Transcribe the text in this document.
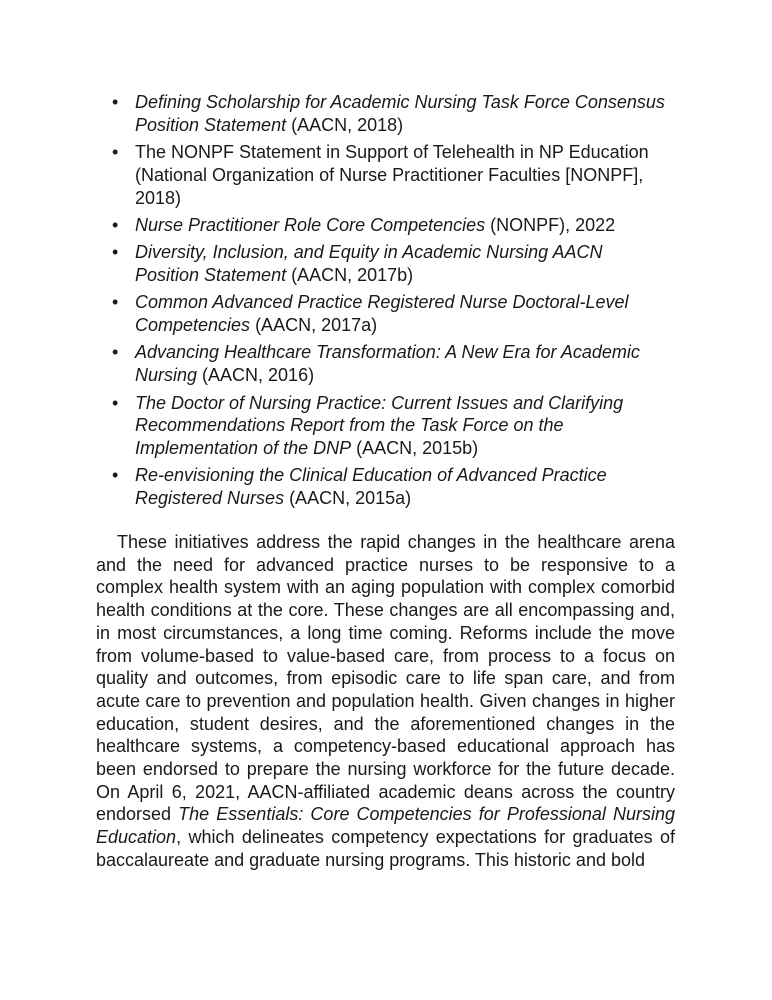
• Defining Scholarship for Academic Nursing Task Force Consensus Position Statement (AACN, 2018)
• The NONPF Statement in Support of Telehealth in NP Education (National Organization of Nurse Practitioner Faculties [NONPF], 2018)
• Nurse Practitioner Role Core Competencies (NONPF), 2022
• Diversity, Inclusion, and Equity in Academic Nursing AACN Position Statement (AACN, 2017b)
• Common Advanced Practice Registered Nurse Doctoral-Level Competencies (AACN, 2017a)
• Advancing Healthcare Transformation: A New Era for Academic Nursing (AACN, 2016)
• The Doctor of Nursing Practice: Current Issues and Clarifying Recommendations Report from the Task Force on the Implementation of the DNP (AACN, 2015b)
• Re-envisioning the Clinical Education of Advanced Practice Registered Nurses (AACN, 2015a)

These initiatives address the rapid changes in the healthcare arena and the need for advanced practice nurses to be responsive to a complex health system with an aging population with complex comorbid health conditions at the core. These changes are all encompassing and, in most circumstances, a long time coming. Reforms include the move from volume-based to value-based care, from process to a focus on quality and outcomes, from episodic care to life span care, and from acute care to prevention and population health. Given changes in higher education, student desires, and the aforementioned changes in the healthcare systems, a competency-based educational approach has been endorsed to prepare the nursing workforce for the future decade. On April 6, 2021, AACN-affiliated academic deans across the country endorsed The Essentials: Core Competencies for Professional Nursing Education, which delineates competency expectations for graduates of baccalaureate and graduate nursing programs. This historic and bold
